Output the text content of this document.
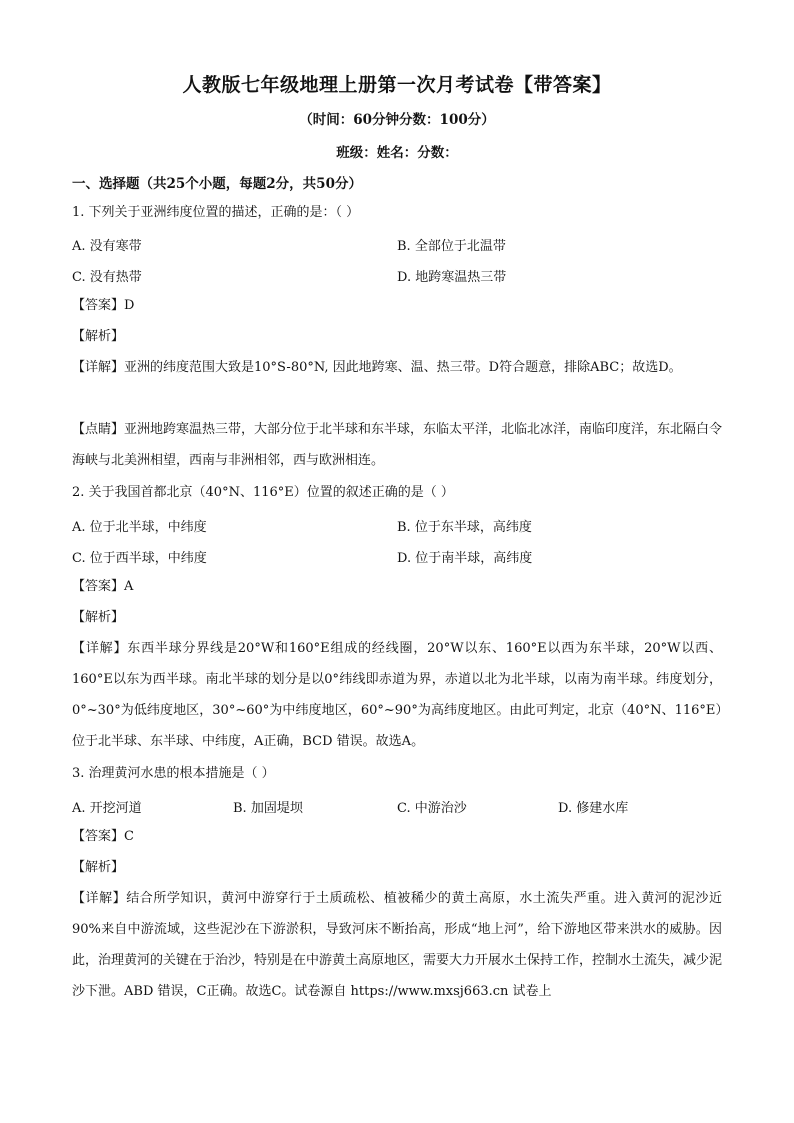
人教版七年级地理上册第一次月考试卷【带答案】
（时间：60分钟分数：100分）
班级：姓名：分数：
一、选择题（共25个小题，每题2分，共50分）
1. 下列关于亚洲纬度位置的描述，正确的是：（ ）
A. 没有寒带	B. 全部位于北温带
C. 没有热带	D. 地跨寒温热三带
【答案】D
【解析】
【详解】亚洲的纬度范围大致是10°S-80°N, 因此地跨寒、温、热三带。D符合题意，排除ABC；故选D。
【点睛】亚洲地跨寒温热三带，大部分位于北半球和东半球，东临太平洋，北临北冰洋，南临印度洋，东北隔白令海峡与北美洲相望，西南与非洲相邻，西与欧洲相连。
2. 关于我国首都北京（40°N、116°E）位置的叙述正确的是（ ）
A. 位于北半球，中纬度	B. 位于东半球，高纬度
C. 位于西半球，中纬度	D. 位于南半球，高纬度
【答案】A
【解析】
【详解】东西半球分界线是20°W和160°E组成的经线圈，20°W以东、160°E以西为东半球，20°W以西、160°E以东为西半球。南北半球的划分是以0°纬线即赤道为界，赤道以北为北半球，以南为南半球。纬度划分，0°~30°为低纬度地区，30°~60°为中纬度地区，60°~90°为高纬度地区。由此可判定，北京（40°N、116°E）位于北半球、东半球、中纬度，A正确，BCD 错误。故选A。
3. 治理黄河水患的根本措施是（ ）
A. 开挖河道	B. 加固堤坝	C. 中游治沙	D. 修建水库
【答案】C
【解析】
【详解】结合所学知识，黄河中游穿行于土质疏松、植被稀少的黄土高原，水土流失严重。进入黄河的泥沙近90%来自中游流域，这些泥沙在下游淤积，导致河床不断抬高，形成“地上河”，给下游地区带来洪水的威胁。因此，治理黄河的关键在于治沙，特别是在中游黄土高原地区，需要大力开展水土保持工作，控制水土流失，减少泥沙下泄。ABD 错误，C正确。故选C。试卷源自 https://www.mxsj663.cn 试卷上
